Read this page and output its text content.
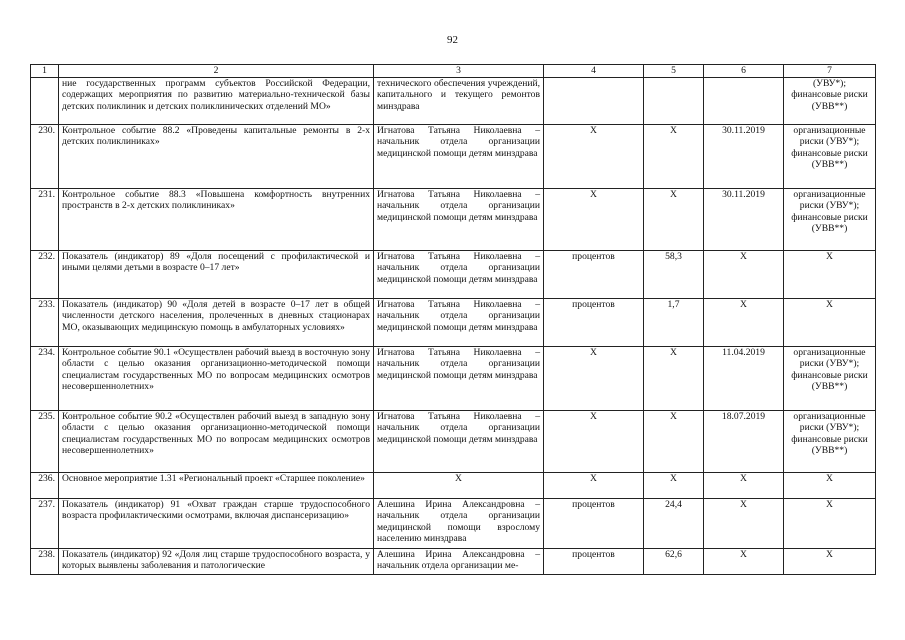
92
1	2	3	4	5	6	7
	ние государственных программ субъектов Российской Федерации, содержащих мероприятия по развитию материально-технической базы детских поликлиник и детских поликлинических отделений МО»	технического обеспечения учреждений, капитального и текущего ремонтов минздрава				(УВУ*); финансовые риски (УВВ**)
230.	Контрольное событие 88.2 «Проведены капитальные ремонты в 2-х детских поликлиниках»	Игнатова Татьяна Николаевна – начальник отдела организации медицинской помощи детям минздрава	X	X	30.11.2019	организационные риски (УВУ*); финансовые риски (УВВ**)
231.	Контрольное событие 88.3 «Повышена комфортность внутренних пространств в 2-х детских поликлиниках»	Игнатова Татьяна Николаевна – начальник отдела организации медицинской помощи детям минздрава	X	X	30.11.2019	организационные риски (УВУ*); финансовые риски (УВВ**)
232.	Показатель (индикатор) 89 «Доля посещений с профилактической и иными целями детьми в возрасте 0–17 лет»	Игнатова Татьяна Николаевна – начальник отдела организации медицинской помощи детям минздрава	процентов	58,3	X	X
233.	Показатель (индикатор) 90 «Доля детей в возрасте 0–17 лет в общей численности детского населения, пролеченных в дневных стационарах МО, оказывающих медицинскую помощь в амбулаторных условиях»	Игнатова Татьяна Николаевна – начальник отдела организации медицинской помощи детям минздрава	процентов	1,7	X	X
234.	Контрольное событие 90.1 «Осуществлен рабочий выезд в восточную зону области с целью оказания организационно-методической помощи специалистам государственных МО по вопросам медицинских осмотров несовершеннолетних»	Игнатова Татьяна Николаевна – начальник отдела организации медицинской помощи детям минздрава	X	X	11.04.2019	организационные риски (УВУ*); финансовые риски (УВВ**)
235.	Контрольное событие 90.2 «Осуществлен рабочий выезд в западную зону области с целью оказания организационно-методической помощи специалистам государственных МО по вопросам медицинских осмотров несовершеннолетних»	Игнатова Татьяна Николаевна – начальник отдела организации медицинской помощи детям минздрава	X	X	18.07.2019	организационные риски (УВУ*); финансовые риски (УВВ**)
236.	Основное мероприятие 1.31 «Региональный проект «Старшее поколение»	X	X	X	X	X
237.	Показатель (индикатор) 91 «Охват граждан старше трудоспособного возраста профилактическими осмотрами, включая диспансеризацию»	Алешина Ирина Александровна – начальник отдела организации медицинской помощи взрослому населению минздрава	процентов	24,4	X	X
238.	Показатель (индикатор) 92 «Доля лиц старше трудоспособного возраста, у которых выявлены заболевания и патологические	Алешина Ирина Александровна – начальник отдела организации ме-	процентов	62,6	X	X
